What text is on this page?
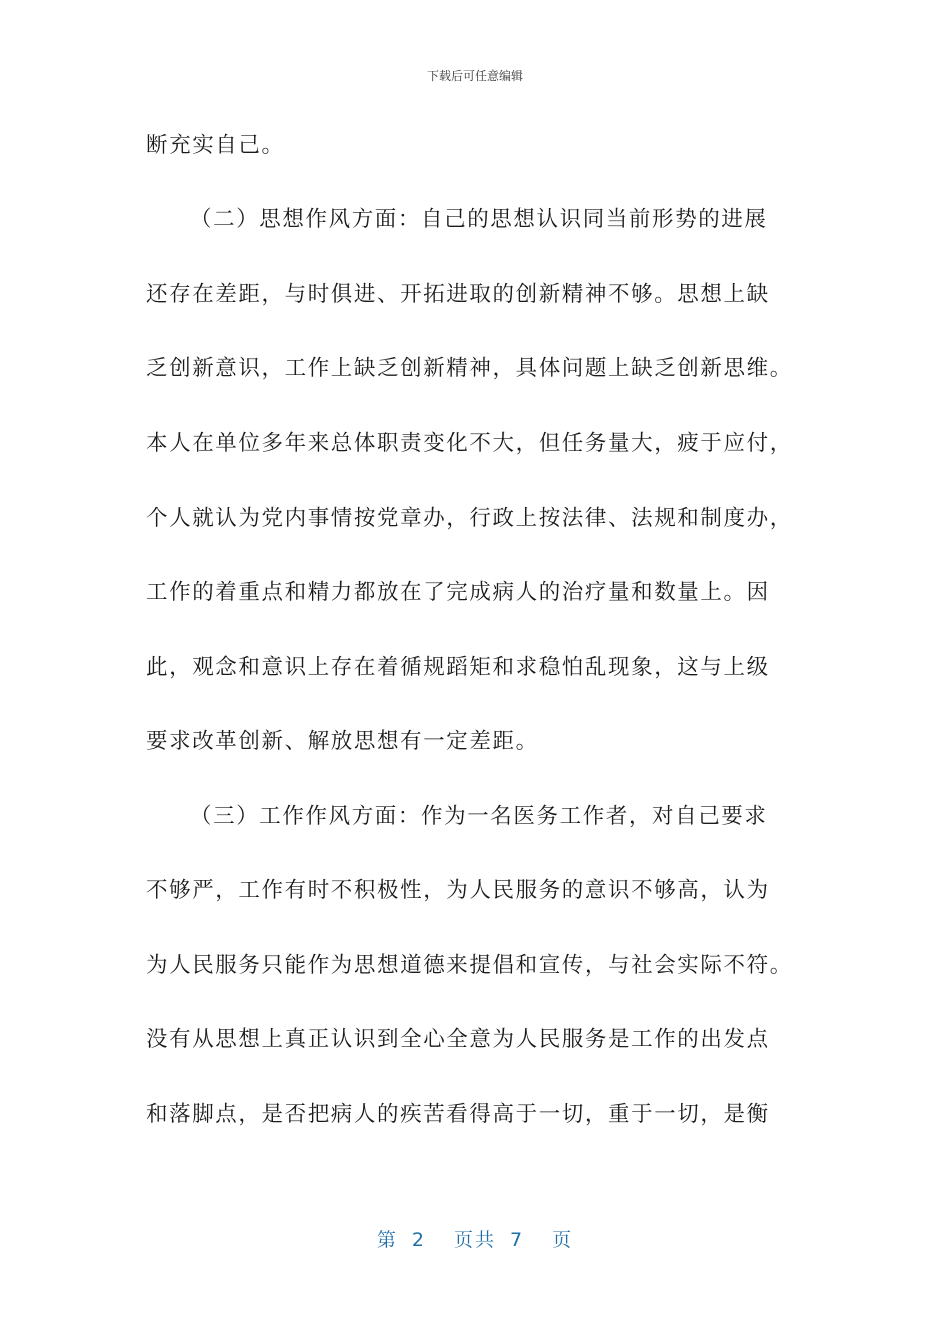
下载后可任意编辑
断充实自己。
（二）思想作风方面：自己的思想认识同当前形势的进展
还存在差距，与时俱进、开拓进取的创新精神不够。思想上缺
乏创新意识，工作上缺乏创新精神，具体问题上缺乏创新思维。
本人在单位多年来总体职责变化不大，但任务量大，疲于应付，
个人就认为党内事情按党章办，行政上按法律、法规和制度办，
工作的着重点和精力都放在了完成病人的治疗量和数量上。因
此，观念和意识上存在着循规蹈矩和求稳怕乱现象，这与上级
要求改革创新、解放思想有一定差距。
（三）工作作风方面：作为一名医务工作者，对自己要求
不够严，工作有时不积极性，为人民服务的意识不够高，认为
为人民服务只能作为思想道德来提倡和宣传，与社会实际不符。
没有从思想上真正认识到全心全意为人民服务是工作的出发点
和落脚点，是否把病人的疾苦看得高于一切，重于一切，是衡
第 2 页共 7 页
